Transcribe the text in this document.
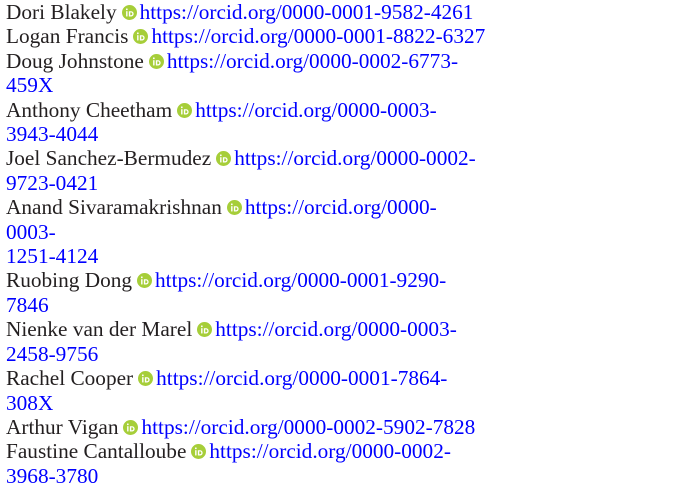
Dori Blakely https://orcid.org/0000-0001-9582-4261
Logan Francis https://orcid.org/0000-0001-8822-6327
Doug Johnstone https://orcid.org/0000-0002-6773-459X
Anthony Cheetham https://orcid.org/0000-0003-3943-4044
Joel Sanchez-Bermudez https://orcid.org/0000-0002-
9723-0421
Anand Sivaramakrishnan https://orcid.org/0000-0003-
1251-4124
Ruobing Dong https://orcid.org/0000-0001-9290-7846
Nienke van der Marel https://orcid.org/0000-0003-
2458-9756
Rachel Cooper https://orcid.org/0000-0001-7864-308X
Arthur Vigan https://orcid.org/0000-0002-5902-7828
Faustine Cantalloube https://orcid.org/0000-0002-
3968-3780
